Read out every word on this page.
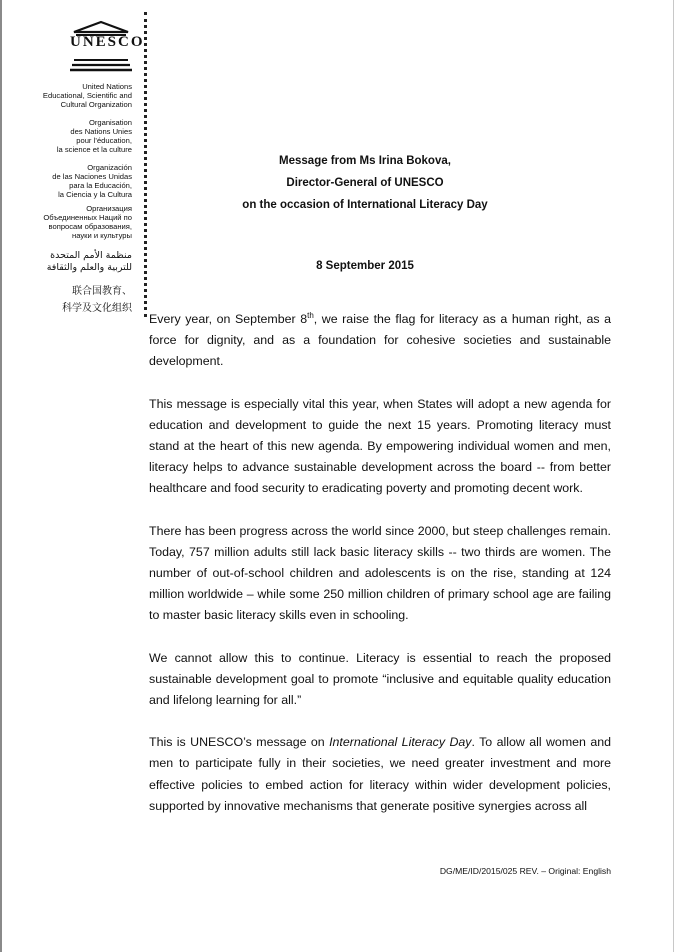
UNESCO
United Nations
Educational, Scientific and
Cultural Organization
Organisation
des Nations Unies
pour l’éducation,
la science et la culture
Organización
de las Naciones Unidas
para la Educación,
la Ciencia y la Cultura
Организация
Объединенных Наций по
вопросам образования,
науки и культуры
منظمة الأمم المتحدة
للتربية والعلم والثقافة
联合国教育、
科学及文化组织
Message from Ms Irina Bokova,
Director-General of UNESCO
on the occasion of International Literacy Day
8 September 2015

Every year, on September 8th, we raise the flag for literacy as a human right, as a force for dignity, and as a foundation for cohesive societies and sustainable development.

This message is especially vital this year, when States will adopt a new agenda for education and development to guide the next 15 years. Promoting literacy must stand at the heart of this new agenda. By empowering individual women and men, literacy helps to advance sustainable development across the board -- from better healthcare and food security to eradicating poverty and promoting decent work.

There has been progress across the world since 2000, but steep challenges remain. Today, 757 million adults still lack basic literacy skills -- two thirds are women. The number of out-of-school children and adolescents is on the rise, standing at 124 million worldwide – while some 250 million children of primary school age are failing to master basic literacy skills even in schooling.

We cannot allow this to continue. Literacy is essential to reach the proposed sustainable development goal to promote “inclusive and equitable quality education and lifelong learning for all.”

This is UNESCO’s message on International Literacy Day. To allow all women and men to participate fully in their societies, we need greater investment and more effective policies to embed action for literacy within wider development policies, supported by innovative mechanisms that generate positive synergies across all

DG/ME/ID/2015/025 REV. – Original: English
